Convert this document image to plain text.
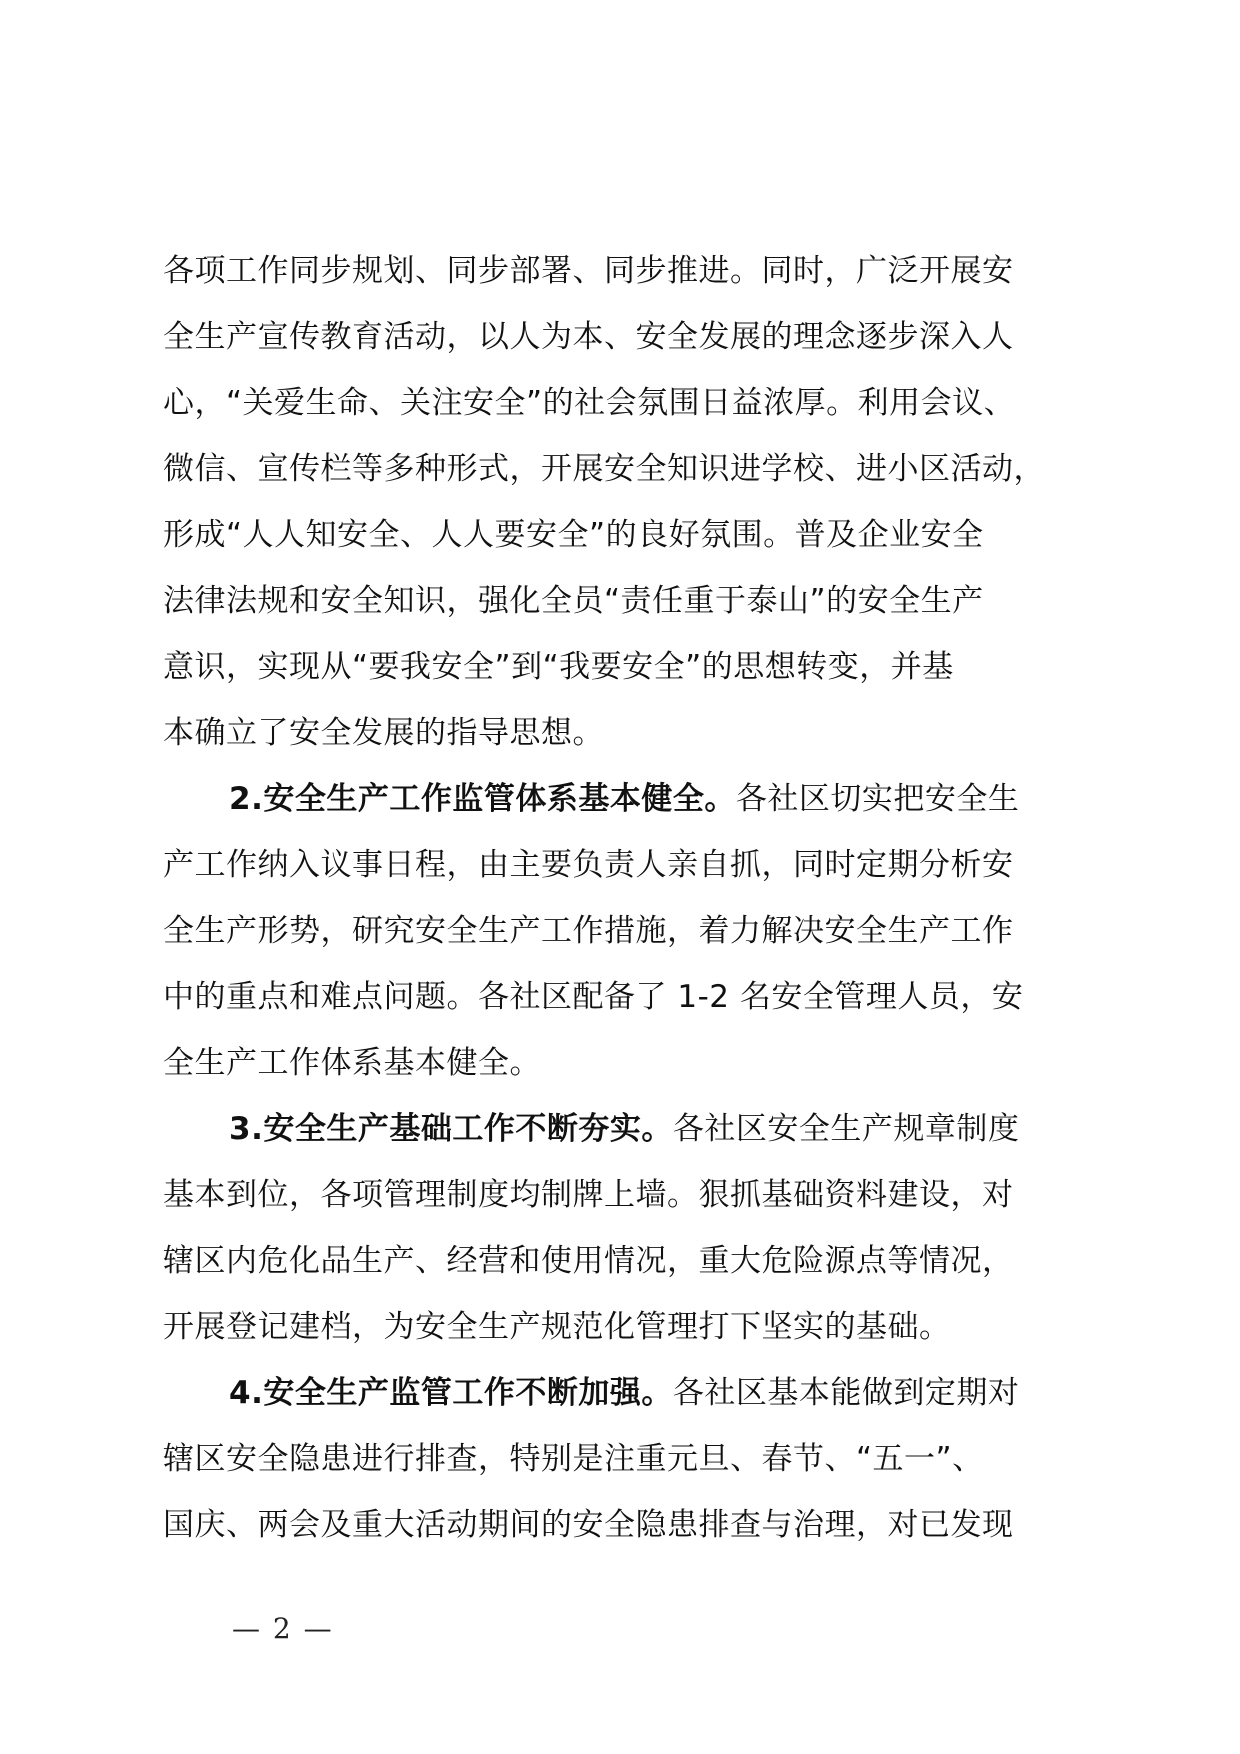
各项工作同步规划、同步部署、同步推进。同时，广泛开展安
全生产宣传教育活动，以人为本、安全发展的理念逐步深入人
心，“关爱生命、关注安全”的社会氛围日益浓厚。利用会议、
微信、宣传栏等多种形式，开展安全知识进学校、进小区活动，
形成“人人知安全、人人要安全”的良好氛围。普及企业安全
法律法规和安全知识，强化全员“责任重于泰山”的安全生产
意识，实现从“要我安全”到“我要安全”的思想转变，并基
本确立了安全发展的指导思想。
2.安全生产工作监管体系基本健全。各社区切实把安全生
产工作纳入议事日程，由主要负责人亲自抓，同时定期分析安
全生产形势，研究安全生产工作措施，着力解决安全生产工作
中的重点和难点问题。各社区配备了 1-2 名安全管理人员，安
全生产工作体系基本健全。
3.安全生产基础工作不断夯实。各社区安全生产规章制度
基本到位，各项管理制度均制牌上墙。狠抓基础资料建设，对
辖区内危化品生产、经营和使用情况，重大危险源点等情况，
开展登记建档，为安全生产规范化管理打下坚实的基础。
4.安全生产监管工作不断加强。各社区基本能做到定期对
辖区安全隐患进行排查，特别是注重元旦、春节、“五一”、
国庆、两会及重大活动期间的安全隐患排查与治理，对已发现
— 2 —
